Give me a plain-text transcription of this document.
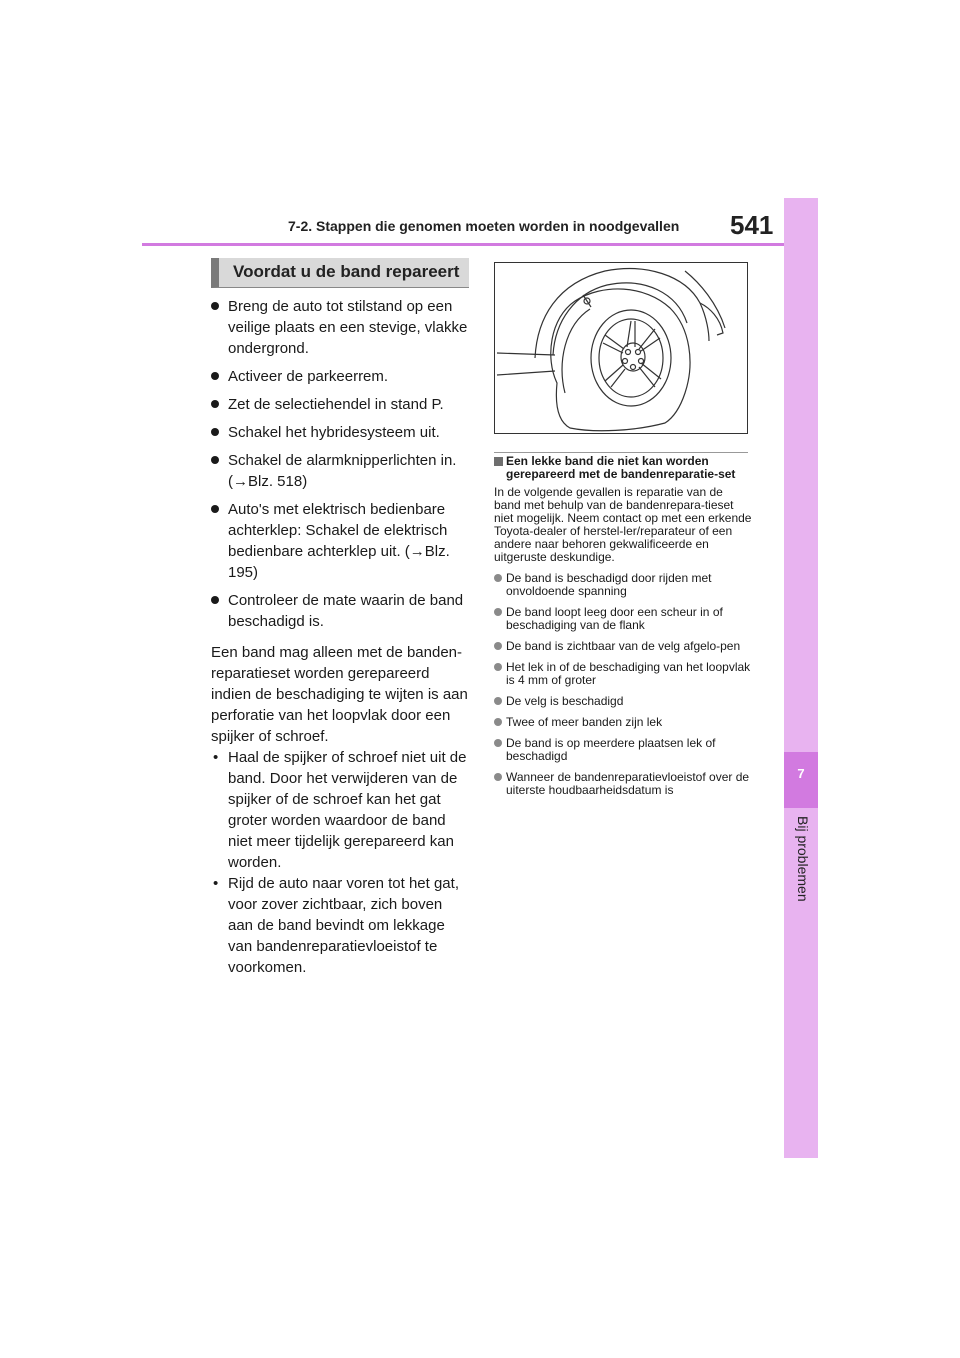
7-2. Stappen die genomen moeten worden in noodgevallen 541
7
Bij problemen
Voordat u de band repareert
Breng de auto tot stilstand op een veilige plaats en een stevige, vlakke ondergrond.
Activeer de parkeerrem.
Zet de selectiehendel in stand P.
Schakel het hybridesysteem uit.
Schakel de alarmknipperlichten in. (→Blz. 518)
Auto's met elektrisch bedienbare achterklep: Schakel de elektrisch bedienbare achterklep uit. (→Blz. 195)
Controleer de mate waarin de band beschadigd is.
Een band mag alleen met de banden-reparatieset worden gerepareerd indien de beschadiging te wijten is aan perforatie van het loopvlak door een spijker of schroef.
• Haal de spijker of schroef niet uit de band. Door het verwijderen van de spijker of de schroef kan het gat groter worden waardoor de band niet meer tijdelijk gerepareerd kan worden.
• Rijd de auto naar voren tot het gat, voor zover zichtbaar, zich boven aan de band bevindt om lekkage van bandenreparatievloeistof te voorkomen.
Een lekke band die niet kan worden gerepareerd met de bandenreparatie-set
In de volgende gevallen is reparatie van de band met behulp van de bandenrepara-tieset niet mogelijk. Neem contact op met een erkende Toyota-dealer of herstel-ler/reparateur of een andere naar behoren gekwalificeerde en uitgeruste deskundige.
De band is beschadigd door rijden met onvoldoende spanning
De band loopt leeg door een scheur in of beschadiging van de flank
De band is zichtbaar van de velg afgelo-pen
Het lek in of de beschadiging van het loopvlak is 4 mm of groter
De velg is beschadigd
Twee of meer banden zijn lek
De band is op meerdere plaatsen lek of beschadigd
Wanneer de bandenreparatievloeistof over de uiterste houdbaarheidsdatum is
